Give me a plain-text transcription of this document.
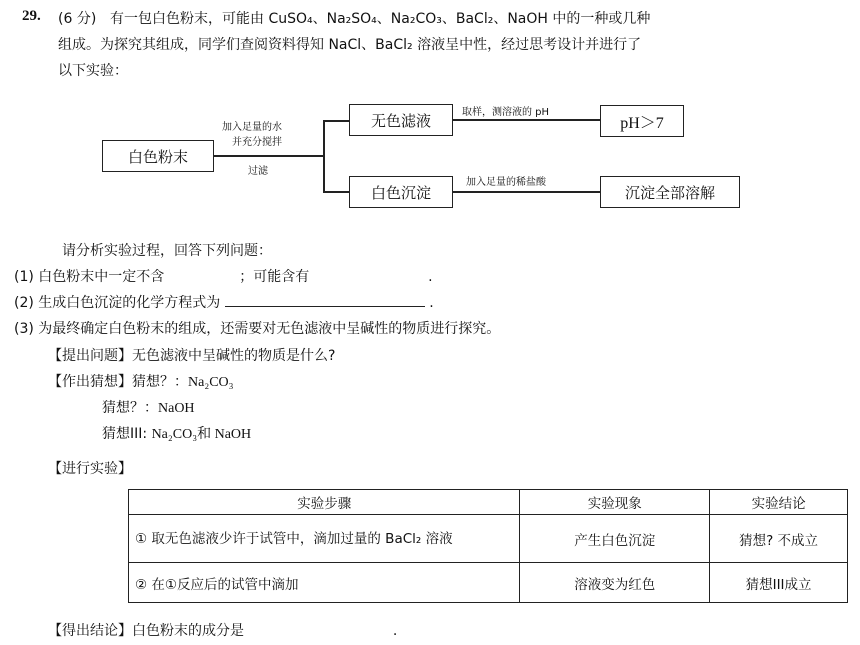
29. (6 分) 有一包白色粉末，可能由 CuSO₄、Na₂SO₄、Na₂CO₃、BaCl₂、NaOH 中的一种或几种
组成。为探究其组成，同学们查阅资料得知 NaCl、BaCl₂ 溶液呈中性，经过思考设计并进行了
以下实验：
白色粉末
加入足量的水
并充分搅拌
过滤
无色滤液	取样，测溶液的 pH
pH＞7
白色沉淀
加入足量的稀盐酸
沉淀全部溶解
请分析实验过程，回答下列问题：
(1) 白色粉末中一定不含	；可能含有	.
(2) 生成白色沉淀的化学方程式为	.
(3) 为最终确定白色粉末的组成，还需要对无色滤液中呈碱性的物质进行探究。
【提出问题】无色滤液中呈碱性的物质是什么?
【作出猜想】猜想？：Na₂CO₃
猜想？：NaOH
猜想III: Na₂CO₃和 NaOH
【进行实验】
实验步骤	实验现象	实验结论
① 取无色滤液少许于试管中，滴加过量的 BaCl₂ 溶液	产生白色沉淀	猜想? 不成立
② 在①反应后的试管中滴加	溶液变为红色	猜想III成立
【得出结论】白色粉末的成分是	.
